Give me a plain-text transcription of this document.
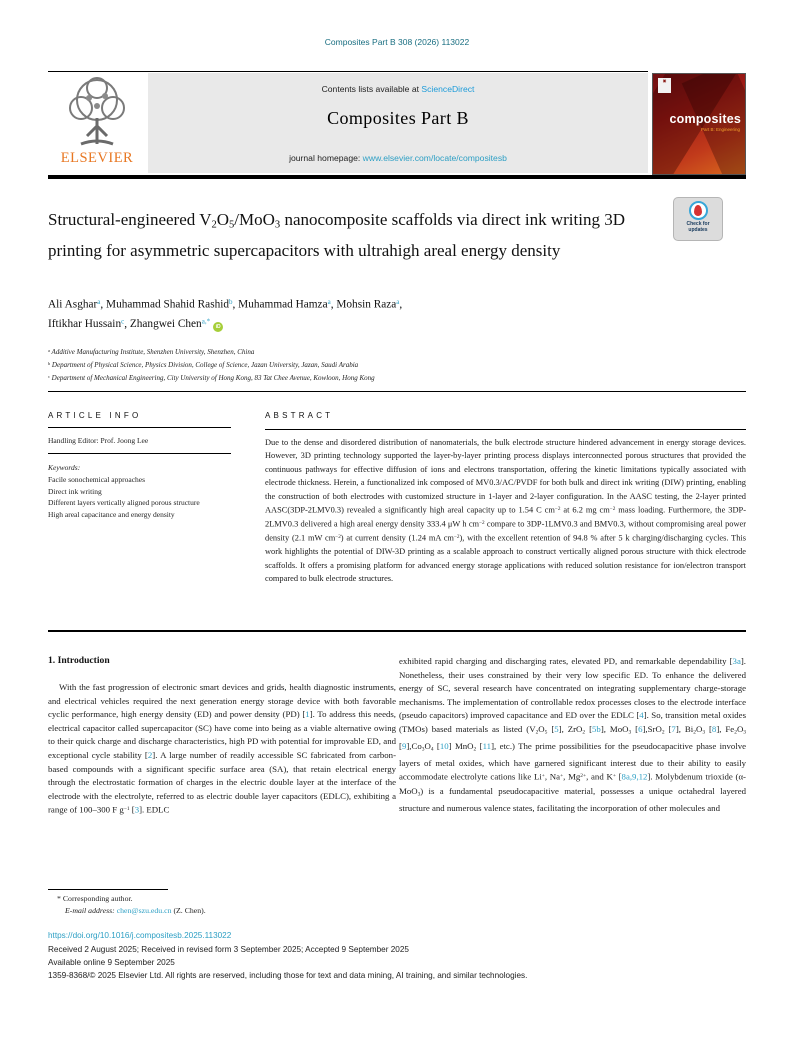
Composites Part B 308 (2026) 113022
ELSEVIER
Contents lists available at ScienceDirect
Composites Part B
journal homepage: www.elsevier.com/locate/compositesb
▣
composites
Part B: Engineering
Structural-engineered V2O5/MoO3 nanocomposite scaffolds via direct ink writing 3D printing for asymmetric supercapacitors with ultrahigh areal energy density
Check for updates
Ali Asghar$^a$, Muhammad Shahid Rashid$^b$, Muhammad Hamza$^a$, Mohsin Raza$^a$,
Iftikhar Hussain$^c$, Zhangwei Chen$^{a,*}$iD
$^a$ Additive Manufacturing Institute, Shenzhen University, Shenzhen, China
$^b$ Department of Physical Science, Physics Division, College of Science, Jazan University, Jazan, Saudi Arabia
$^c$ Department of Mechanical Engineering, City University of Hong Kong, 83 Tat Chee Avenue, Kowloon, Hong Kong
ARTICLE INFO
Handling Editor: Prof. Joong Lee
Keywords:
Facile sonochemical approaches
Direct ink writing
Different layers vertically aligned porous structure
High areal capacitance and energy density
ABSTRACT
Due to the dense and disordered distribution of nanomaterials, the bulk electrode structure hindered advancement in energy storage devices. However, 3D printing technology supported the layer-by-layer printing process displays interconnected porous structures that provided the continuous pathways for effective diffusion of ions and electrons transportation, offering the kinetic limitations typically associated with electrode thickness. Herein, a functionalized ink composed of MV0.3/AC/PVDF for both bulk and direct ink writing (DIW) printing, enabling the construction of both electrodes with customized structure in 1-layer and 2-layer configuration. In the AASC testing, the 2-layer printed AASC(3DP-2LMV0.3) revealed a significantly high areal capacity up to 1.54 C $cm^{-2}$ at 6.2 mg $cm^{-2}$ mass loading. Furthermore, the 3DP-2LMV0.3 delivered a high areal energy density 333.4 μW h $cm^{-2}$ compare to 3DP-1LMV0.3 and BMV0.3, without compromising areal power density (2.1 mW $cm^{-2}$) at current density (1.24 mA $cm^{-2}$), with the excellent retention of 94.8 % after 5 k charging/discharging cycles. This work highlights the potential of DIW-3D printing as a scalable approach to construct vertically aligned porous structure with thick electrode scaffolds. It offers a promising platform for advanced energy storage applications with reduced solution resistance for ion/electron transport compared to bulk electrode structures.
1. Introduction
With the fast progression of electronic smart devices and grids, health diagnostic instruments, and electrical vehicles required the next generation energy storage device with both favorable cyclic performance, high energy density (ED) and power density (PD) [1]. To address this needs, electrical capacitor called supercapacitor (SC) have come into being as a viable alternative owing to their quick charge and discharge characteristics, high PD with potential for improvable ED, and exceptional cycle stability [2]. A large number of readily accessible SC fabricated from carbon-based compounds with a significant specific surface area (SA), that retain electrical energy through the electrostatic formation of charges in the electric double layer at the interface of the electrode with the electrolyte, referred to as electric double layer capacitors (EDLC), exhibiting a range of 100–300 F $g^{-1}$ [3]. EDLC
exhibited rapid charging and discharging rates, elevated PD, and remarkable dependability [3a]. Nonetheless, their uses constrained by their very low specific ED. To enhance the delivered energy of SC, several research have concentrated on integrating supplementary charge-storage mechanisms. The implementation of controllable redox processes closes to the electrode interface (pseudo capacitors) improved capacitance and ED over the EDLC [4]. So, transition metal oxides (TMOs) based materials as listed (V2O5 [5], ZrO2 [5b], MoO3 [6],SrO2 [7], Bi2O3 [8], Fe2O3 [9],Co3O4 [10] MnO2 [11], etc.) The prime possibilities for the pseudocapacitive phase involve layers of metal oxides, which have garnered significant interest due to their ability to easily accommodate electrolyte cations like Li+, Na+, $Mg^{2+}$, and K+ [8a,9,12]. Molybdenum trioxide (α-MoO3) is a fundamental pseudocapacitive material, possesses a unique octahedral layered structure and numerous valence states, facilitating the incorporation of other molecules and
* Corresponding author.
E-mail address: chen@szu.edu.cn (Z. Chen).
https://doi.org/10.1016/j.compositesb.2025.113022
Received 2 August 2025; Received in revised form 3 September 2025; Accepted 9 September 2025
Available online 9 September 2025
1359-8368/© 2025 Elsevier Ltd. All rights are reserved, including those for text and data mining, AI training, and similar technologies.
